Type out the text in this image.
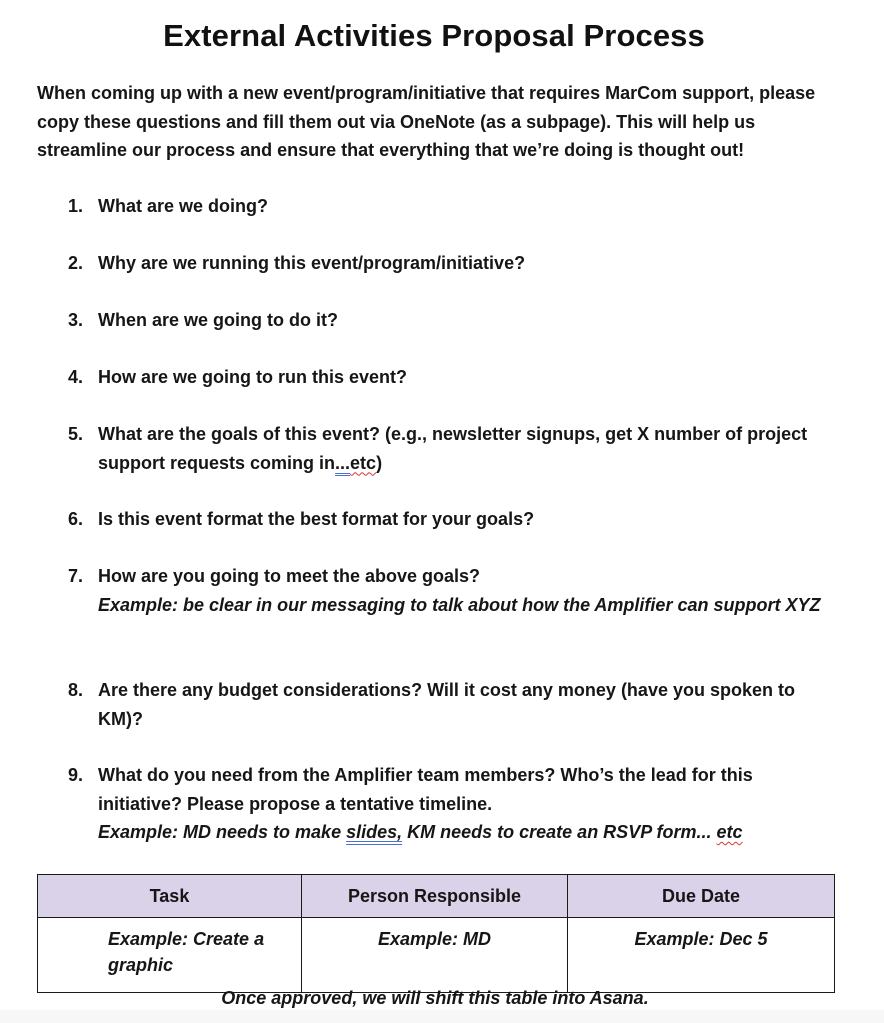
External Activities Proposal Process
When coming up with a new event/program/initiative that requires MarCom support, please copy these questions and fill them out via OneNote (as a subpage). This will help us streamline our process and ensure that everything that we’re doing is thought out!
1. What are we doing?
2. Why are we running this event/program/initiative?
3. When are we going to do it?
4. How are we going to run this event?
5. What are the goals of this event? (e.g., newsletter signups, get X number of project support requests coming in...etc)
6. Is this event format the best format for your goals?
7. How are you going to meet the above goals?
Example: be clear in our messaging to talk about how the Amplifier can support XYZ
8. Are there any budget considerations? Will it cost any money (have you spoken to KM)?
9. What do you need from the Amplifier team members? Who’s the lead for this initiative? Please propose a tentative timeline.
Example: MD needs to make slides, KM needs to create an RSVP form... etc
Task	Person Responsible	Due Date
Example: Create a graphic	Example: MD	Example: Dec 5
Once approved, we will shift this table into Asana.
